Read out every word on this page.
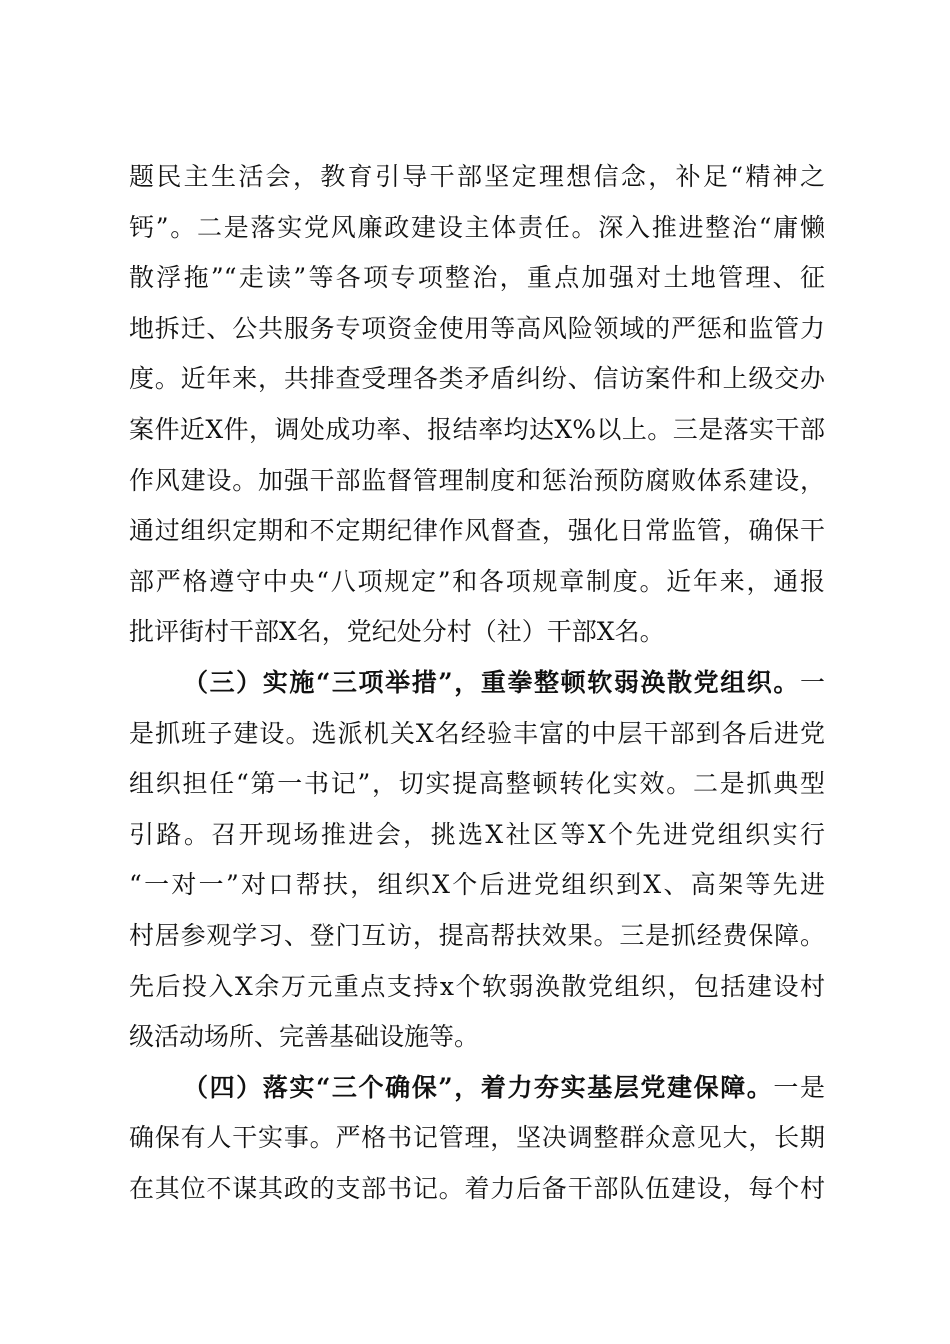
题民主生活会，教育引导干部坚定理想信念，补足“精神之
钙”。二是落实党风廉政建设主体责任。深入推进整治“庸懒
散浮拖”“走读”等各项专项整治，重点加强对土地管理、征
地拆迁、公共服务专项资金使用等高风险领域的严惩和监管力
度。近年来，共排查受理各类矛盾纠纷、信访案件和上级交办
案件近X件，调处成功率、报结率均达X%以上。三是落实干部
作风建设。加强干部监督管理制度和惩治预防腐败体系建设，
通过组织定期和不定期纪律作风督查，强化日常监管，确保干
部严格遵守中央“八项规定”和各项规章制度。近年来，通报
批评街村干部X名，党纪处分村（社）干部X名。
（三）实施“三项举措”，重拳整顿软弱涣散党组织。一
是抓班子建设。选派机关X名经验丰富的中层干部到各后进党
组织担任“第一书记”，切实提高整顿转化实效。二是抓典型
引路。召开现场推进会，挑选X社区等X个先进党组织实行
“一对一”对口帮扶，组织X个后进党组织到X、高架等先进
村居参观学习、登门互访，提高帮扶效果。三是抓经费保障。
先后投入X余万元重点支持x个软弱涣散党组织，包括建设村
级活动场所、完善基础设施等。
（四）落实“三个确保”，着力夯实基层党建保障。一是
确保有人干实事。严格书记管理，坚决调整群众意见大，长期
在其位不谋其政的支部书记。着力后备干部队伍建设，每个村
